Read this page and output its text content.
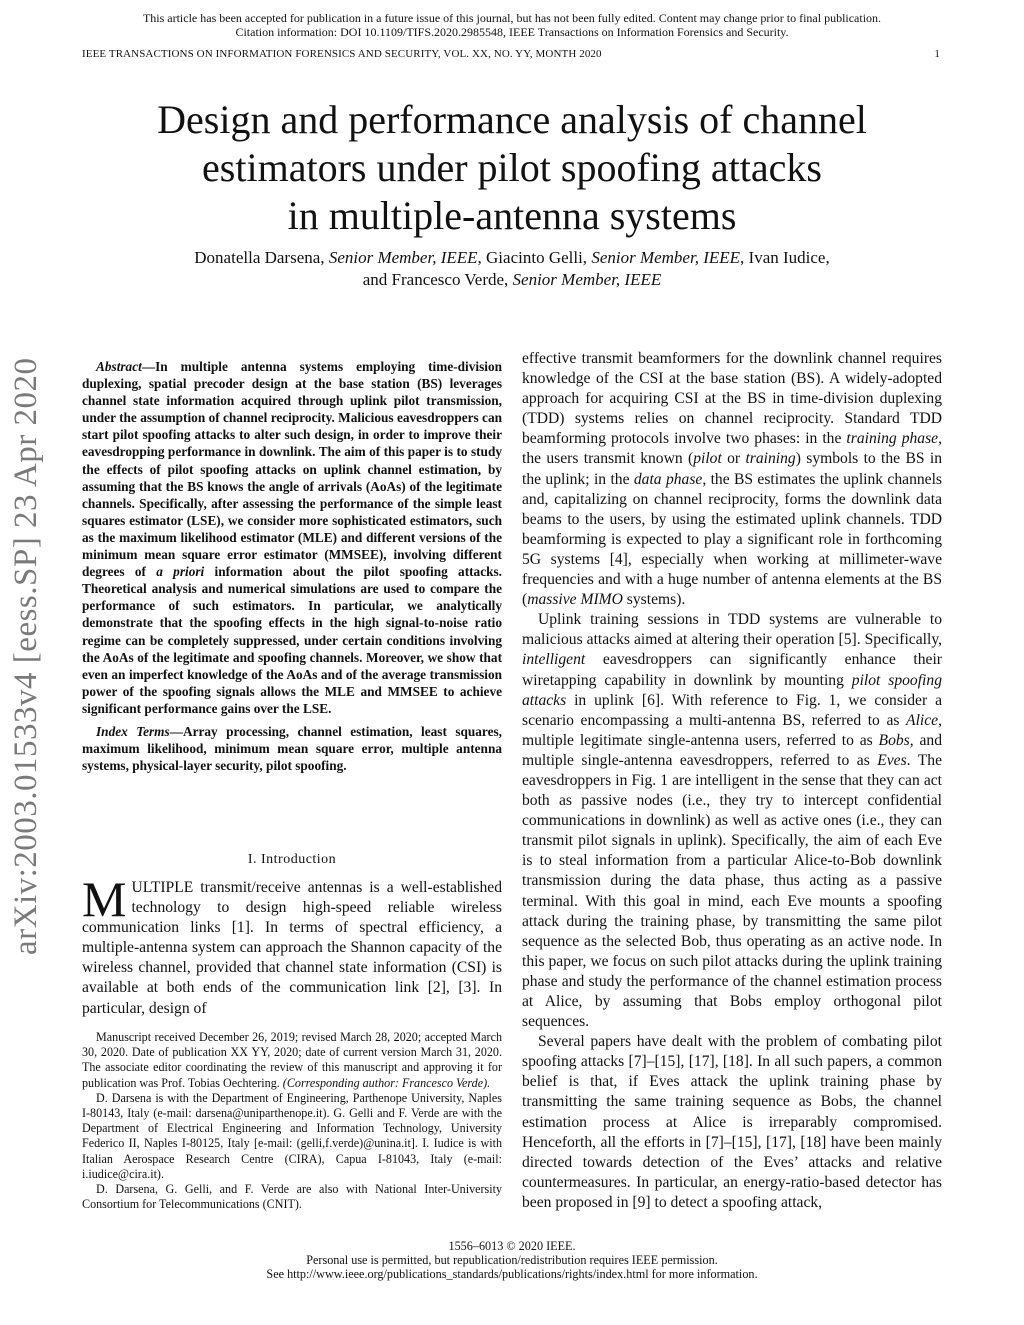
This article has been accepted for publication in a future issue of this journal, but has not been fully edited. Content may change prior to final publication.
Citation information: DOI 10.1109/TIFS.2020.2985548, IEEE Transactions on Information Forensics and Security.
IEEE TRANSACTIONS ON INFORMATION FORENSICS AND SECURITY, VOL. XX, NO. YY, MONTH 2020	1
Design and performance analysis of channel
estimators under pilot spoofing attacks
in multiple-antenna systems
Donatella Darsena, Senior Member, IEEE, Giacinto Gelli, Senior Member, IEEE, Ivan Iudice,
and Francesco Verde, Senior Member, IEEE
arXiv:2003.01533v4 [eess.SP] 23 Apr 2020	Abstract—In multiple antenna systems employing time-division duplexing, spatial precoder design at the base station (BS) leverages channel state information acquired through uplink pilot transmission, under the assumption of channel reciprocity. Malicious eavesdroppers can start pilot spoofing attacks to alter such design, in order to improve their eavesdropping performance in downlink. The aim of this paper is to study the effects of pilot spoofing attacks on uplink channel estimation, by assuming that the BS knows the angle of arrivals (AoAs) of the legitimate channels. Specifically, after assessing the performance of the simple least squares estimator (LSE), we consider more sophisticated estimators, such as the maximum likelihood estimator (MLE) and different versions of the minimum mean square error estimator (MMSEE), involving different degrees of a priori information about the pilot spoofing attacks. Theoretical analysis and numerical simulations are used to compare the performance of such estimators. In particular, we analytically demonstrate that the spoofing effects in the high signal-to-noise ratio regime can be completely suppressed, under certain conditions involving the AoAs of the legitimate and spoofing channels. Moreover, we show that even an imperfect knowledge of the AoAs and of the average transmission power of the spoofing signals allows the MLE and MMSEE to achieve significant performance gains over the LSE.

Index Terms—Array processing, channel estimation, least squares, maximum likelihood, minimum mean square error, multiple antenna systems, physical-layer security, pilot spoofing.

I. Introduction
MULTIPLE transmit/receive antennas is a well-established technology to design high-speed reliable wireless communication links [1]. In terms of spectral efficiency, a multiple-antenna system can approach the Shannon capacity of the wireless channel, provided that channel state information (CSI) is available at both ends of the communication link [2], [3]. In particular, design of

Manuscript received December 26, 2019; revised March 28, 2020; accepted March 30, 2020. Date of publication XX YY, 2020; date of current version March 31, 2020. The associate editor coordinating the review of this manuscript and approving it for publication was Prof. Tobias Oechtering. (Corresponding author: Francesco Verde).

D. Darsena is with the Department of Engineering, Parthenope University, Naples I-80143, Italy (e-mail: darsena@uniparthenope.it). G. Gelli and F. Verde are with the Department of Electrical Engineering and Information Technology, University Federico II, Naples I-80125, Italy [e-mail: (gelli,f.verde)@unina.it]. I. Iudice is with Italian Aerospace Research Centre (CIRA), Capua I-81043, Italy (e-mail: i.iudice@cira.it).

D. Darsena, G. Gelli, and F. Verde are also with National Inter-University Consortium for Telecommunications (CNIT).

effective transmit beamformers for the downlink channel requires knowledge of the CSI at the base station (BS). A widely-adopted approach for acquiring CSI at the BS in time-division duplexing (TDD) systems relies on channel reciprocity. Standard TDD beamforming protocols involve two phases: in the training phase, the users transmit known (pilot or training) symbols to the BS in the uplink; in the data phase, the BS estimates the uplink channels and, capitalizing on channel reciprocity, forms the downlink data beams to the users, by using the estimated uplink channels. TDD beamforming is expected to play a significant role in forthcoming 5G systems [4], especially when working at millimeter-wave frequencies and with a huge number of antenna elements at the BS (massive MIMO systems).

Uplink training sessions in TDD systems are vulnerable to malicious attacks aimed at altering their operation [5]. Specifically, intelligent eavesdroppers can significantly enhance their wiretapping capability in downlink by mounting pilot spoofing attacks in uplink [6]. With reference to Fig. 1, we consider a scenario encompassing a multi-antenna BS, referred to as Alice, multiple legitimate single-antenna users, referred to as Bobs, and multiple single-antenna eavesdroppers, referred to as Eves. The eavesdroppers in Fig. 1 are intelligent in the sense that they can act both as passive nodes (i.e., they try to intercept confidential communications in downlink) as well as active ones (i.e., they can transmit pilot signals in uplink). Specifically, the aim of each Eve is to steal information from a particular Alice-to-Bob downlink transmission during the data phase, thus acting as a passive terminal. With this goal in mind, each Eve mounts a spoofing attack during the training phase, by transmitting the same pilot sequence as the selected Bob, thus operating as an active node. In this paper, we focus on such pilot attacks during the uplink training phase and study the performance of the channel estimation process at Alice, by assuming that Bobs employ orthogonal pilot sequences.

Several papers have dealt with the problem of combating pilot spoofing attacks [7]–[15], [17], [18]. In all such papers, a common belief is that, if Eves attack the uplink training phase by transmitting the same training sequence as Bobs, the channel estimation process at Alice is irreparably compromised. Henceforth, all the efforts in [7]–[15], [17], [18] have been mainly directed towards detection of the Eves’ attacks and relative countermeasures. In particular, an energy-ratio-based detector has been proposed in [9] to detect a spoofing attack,

1556–6013 © 2020 IEEE.
Personal use is permitted, but republication/redistribution requires IEEE permission.
See http://www.ieee.org/publications_standards/publications/rights/index.html for more information.
